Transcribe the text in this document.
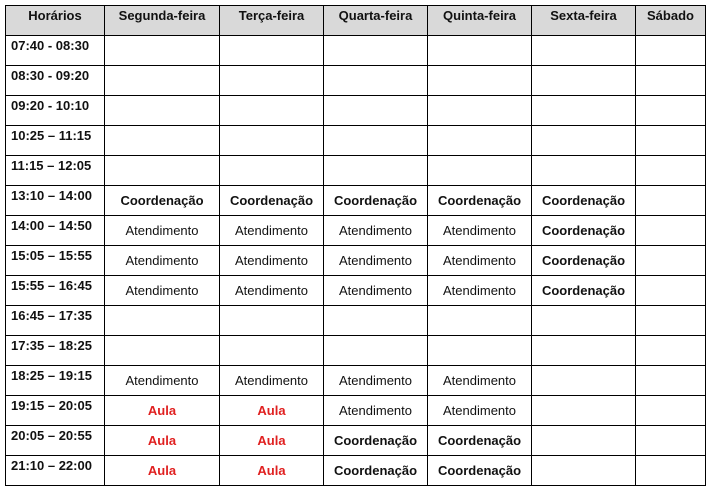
Horários	Segunda-feira	Terça-feira	Quarta-feira	Quinta-feira	Sexta-feira	Sábado
07:40 - 08:30						
08:30 - 09:20						
09:20 - 10:10						
10:25 – 11:15						
11:15 – 12:05						
13:10 – 14:00	Coordenação	Coordenação	Coordenação	Coordenação	Coordenação	
14:00 – 14:50	Atendimento	Atendimento	Atendimento	Atendimento	Coordenação	
15:05 – 15:55	Atendimento	Atendimento	Atendimento	Atendimento	Coordenação	
15:55 – 16:45	Atendimento	Atendimento	Atendimento	Atendimento	Coordenação	
16:45 – 17:35						
17:35 – 18:25						
18:25 – 19:15	Atendimento	Atendimento	Atendimento	Atendimento		
19:15 – 20:05	Aula	Aula	Atendimento	Atendimento		
20:05 – 20:55	Aula	Aula	Coordenação	Coordenação		
21:10 – 22:00	Aula	Aula	Coordenação	Coordenação		
